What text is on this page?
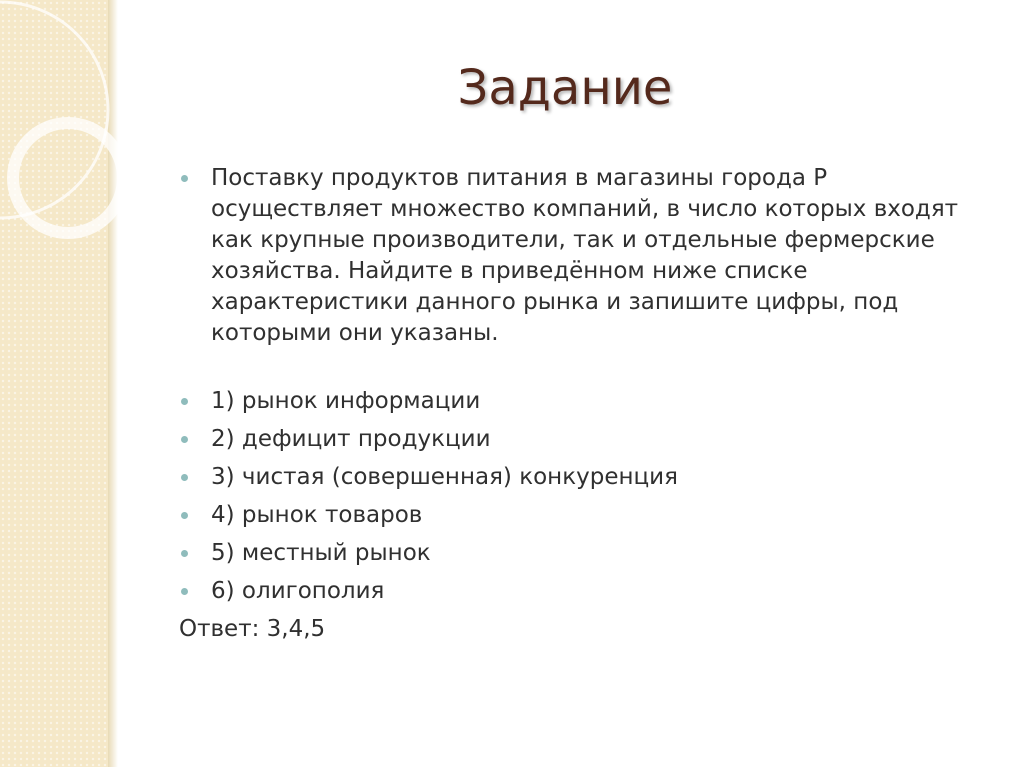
Задание
Поставку продуктов питания в магазины города Р осуществляет множество компаний, в число которых входят как крупные производители, так и отдельные фермерские хозяйства. Найдите в приведённом ниже списке характеристики данного рынка и запишите цифры, под которыми они указаны.
1) рынок информации
2) дефицит продукции
3) чистая (совершенная) конкуренция
4) рынок товаров
5) местный рынок
6) олигополия
Ответ: 3,4,5
